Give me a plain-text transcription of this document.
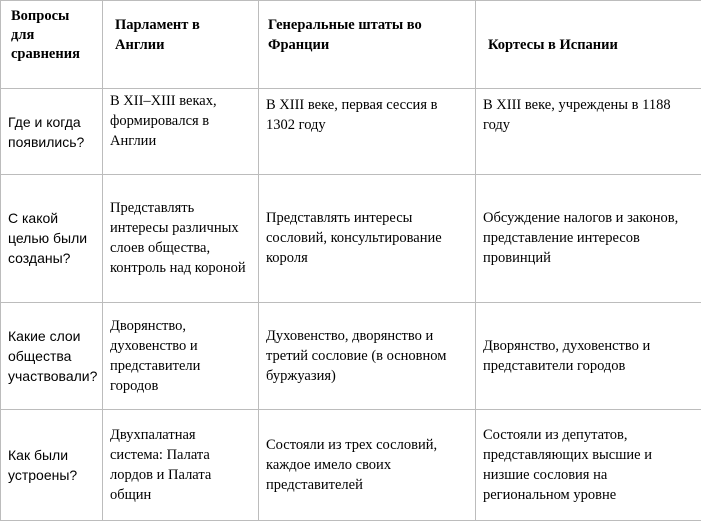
Вопросы для сравнения	Парламент в Англии	Генеральные штаты во Франции	Кортесы в Испании
Где и когда появились?	В XII–XIII веках, формировался в Англии	В XIII веке, первая сессия в 1302 году	В XIII веке, учреждены в 1188 году
С какой целью были созданы?	Представлять интересы различных слоев общества, контроль над короной	Представлять интересы сословий, консультирование короля	Обсуждение налогов и законов, представление интересов провинций
Какие слои общества участвовали?	Дворянство, духовенство и представители городов	Духовенство, дворянство и третий сословие (в основном буржуазия)	Дворянство, духовенство и представители городов
Как были устроены?	Двухпалатная система: Палата лордов и Палата общин	Состояли из трех сословий, каждое имело своих представителей	Состояли из депутатов, представляющих высшие и низшие сословия на региональном уровне
